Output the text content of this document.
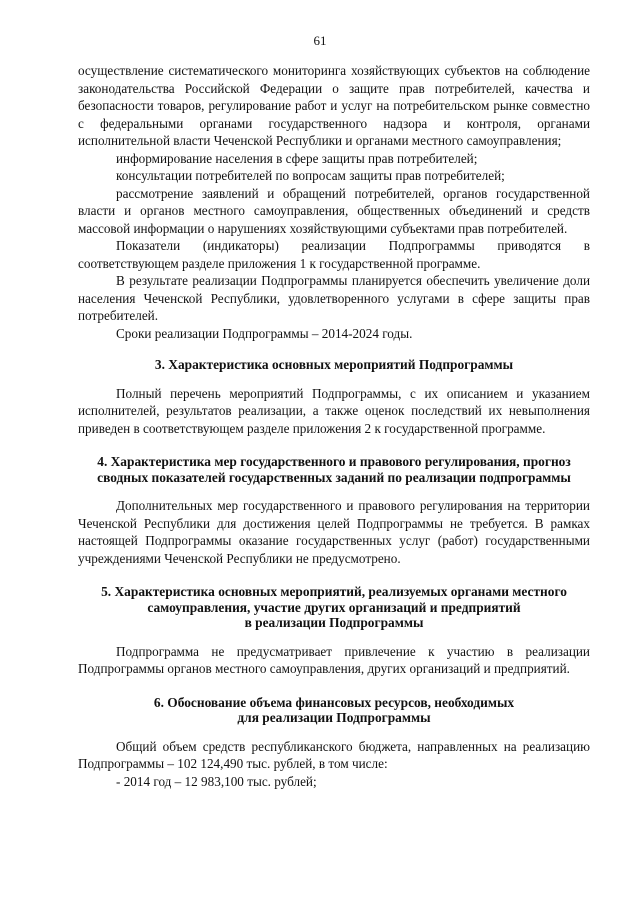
61

осуществление систематического мониторинга хозяйствующих субъектов на соблюдение законодательства Российской Федерации о защите прав потребителей, качества и безопасности товаров, регулирование работ и услуг на потребительском рынке совместно с федеральными органами государственного надзора и контроля, органами исполнительной власти Чеченской Республики и органами местного самоуправления;

информирование населения в сфере защиты прав потребителей;

консультации потребителей по вопросам защиты прав потребителей;

рассмотрение заявлений и обращений потребителей, органов государственной власти и органов местного самоуправления, общественных объединений и средств массовой информации о нарушениях хозяйствующими субъектами прав потребителей.

Показатели (индикаторы) реализации Подпрограммы приводятся в соответствующем разделе приложения 1 к государственной программе.

В результате реализации Подпрограммы планируется обеспечить увеличение доли населения Чеченской Республики, удовлетворенного услугами в сфере защиты прав потребителей.

Сроки реализации Подпрограммы – 2014-2024 годы.

3. Характеристика основных мероприятий Подпрограммы

Полный перечень мероприятий Подпрограммы, с их описанием и указанием исполнителей, результатов реализации, а также оценок последствий их невыполнения приведен в соответствующем разделе приложения 2 к государственной программе.

4. Характеристика мер государственного и правового регулирования, прогноз
сводных показателей государственных заданий по реализации подпрограммы

Дополнительных мер государственного и правового регулирования на территории Чеченской Республики для достижения целей Подпрограммы не требуется. В рамках настоящей Подпрограммы оказание государственных услуг (работ) государственными учреждениями Чеченской Республики не предусмотрено.

5. Характеристика основных мероприятий, реализуемых органами местного
самоуправления, участие других организаций и предприятий
в реализации Подпрограммы

Подпрограмма не предусматривает привлечение к участию в реализации Подпрограммы органов местного самоуправления, других организаций и предприятий.

6. Обоснование объема финансовых ресурсов, необходимых
для реализации Подпрограммы

Общий объем средств республиканского бюджета, направленных на реализацию Подпрограммы – 102 124,490 тыс. рублей, в том числе:

- 2014 год – 12 983,100 тыс. рублей;
